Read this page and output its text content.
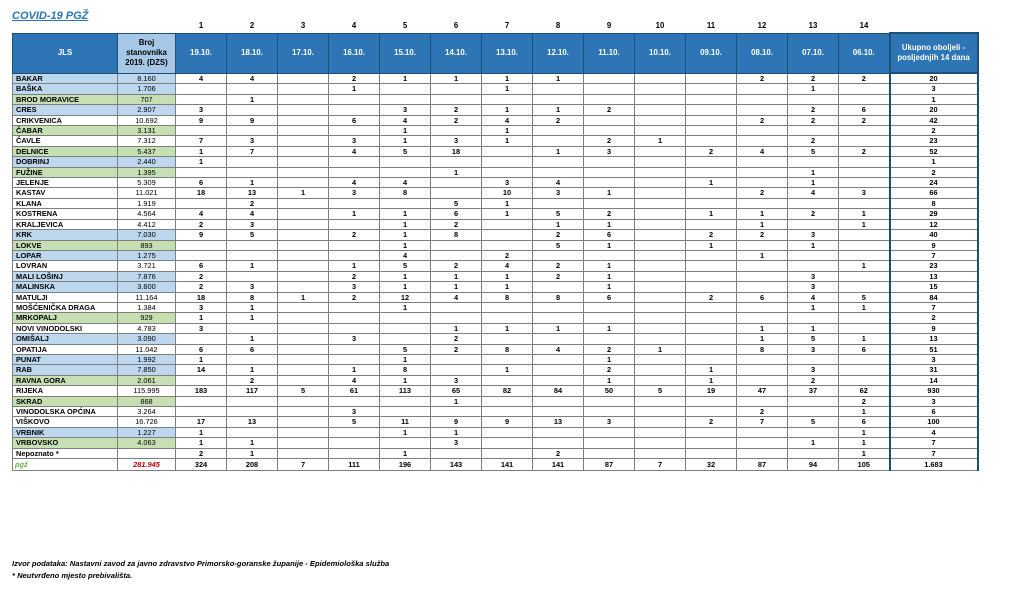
COVID-19 PGŽ
		1	2	3	4	5	6	7	8	9	10	11	12	13	14	
JLS	Broj stanovnika 2019. (DZS)	19.10.	18.10.	17.10.	16.10.	15.10.	14.10.	13.10.	12.10.	11.10.	10.10.	09.10.	08.10.	07.10.	06.10.	Ukupno oboljeli - posljednjih 14 dana
BAKAR	8.160	4	4		2	1	1	1	1				2	2	2	20
BAŠKA	1.706				1			1						1		3
BROD MORAVICE	707		1													1
CRES	2.907	3				3	2	1	1	2				2	6	20
CRIKVENICA	10.692	9	9		6	4	2	4	2				2	2	2	42
ČABAR	3.131					1		1								2
ČAVLE	7.312	7	3		3	1	3	1		2	1			2		23
DELNICE	5.437	1	7		4	5	18		1	3		2	4	5	2	52
DOBRINJ	2.440	1														1
FUŽINE	1.395						1							1		2
JELENJE	5.309	6	1		4	4		3	4			1		1		24
KASTAV	11.021	18	13	1	3	8		10	3	1			2	4	3	66
KLANA	1.919		2				5	1								8
KOSTRENA	4.564	4	4		1	1	6	1	5	2		1	1	2	1	29
KRALJEVICA	4.412	2	3			1	2		1	1			1		1	12
KRK	7.030	9	5		2	1	8		2	6		2	2	3		40
LOKVE	893					1			5	1		1		1		9
LOPAR	1.275					4		2					1			7
LOVRAN	3.721	6	1		1	5	2	4	2	1					1	23
MALI LOŠINJ	7.876	2			2	1	1	1	2	1				3		13
MALINSKA	3.600	2	3		3	1	1	1		1				3		15
MATULJI	11.164	18	8	1	2	12	4	8	8	6		2	6	4	5	84
MOŠĆENIČKA DRAGA	1.384	3	1			1								1	1	7
MRKOPALJ	929	1	1													2
NOVI VINODOLSKI	4.783	3					1	1	1	1			1	1		9
OMIŠALJ	3.090		1		3		2						1	5	1	13
OPATIJA	11.042	6	6			5	2	8	4	2	1		8	3	6	51
PUNAT	1.992	1				1				1						3
RAB	7.850	14	1		1	8		1		2		1		3		31
RAVNA GORA	2.061		2		4	1	3			1		1		2		14
RIJEKA	115.995	183	117	5	61	113	65	82	84	50	5	19	47	37	62	930
SKRAD	868						1								2	3
VINODOLSKA OPĆINA	3.264				3								2		1	6
VIŠKOVO	16.726	17	13		5	11	9	9	13	3		2	7	5	6	100
VRBNIK	1.227	1				1	1								1	4
VRBOVSKO	4.063	1	1				3							1	1	7
Nepoznato *		2	1			1			2						1	7
pgž	281.945	324	208	7	111	196	143	141	141	87	7	32	87	94	105	1.683
Izvor podataka: Nastavni zavod za javno zdravstvo Primorsko-goranske županije - Epidemiološka služba
* Neutvrđeno mjesto prebivališta.
